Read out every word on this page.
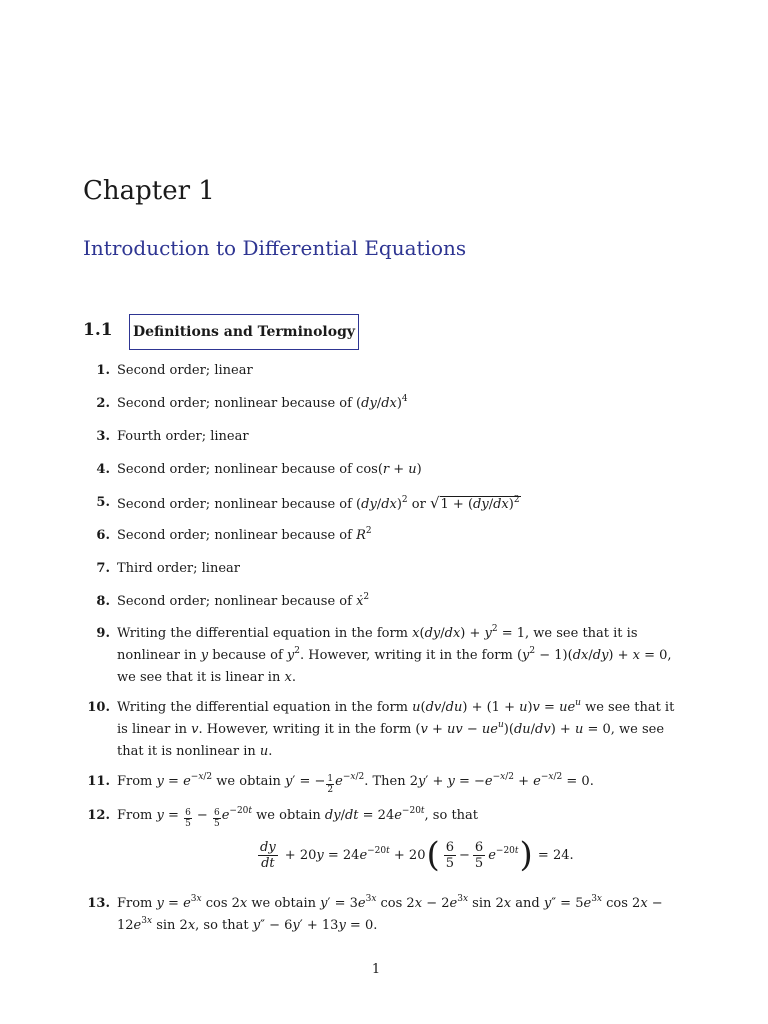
Chapter 1
Introduction to Differential Equations
1.1 Definitions and Terminology
1. Second order; linear
2. Second order; nonlinear because of $(dy/dx)^4$
3. Fourth order; linear
4. Second order; nonlinear because of cos(r + u)
5. Second order; nonlinear because of $(dy/dx)^2$ or $√1 + (dy/dx)^2$
6. Second order; nonlinear because of $R^2$
7. Third order; linear
8. Second order; nonlinear because of ẋ$^2$
9. Writing the differential equation in the form $x(dy/dx) + y^2 = 1$, we see that it is nonlinear in y because of $y^2$. However, writing it in the form $(y^2 - 1)(dx/dy) + x = 0$, we see that it is linear in x.
10. Writing the differential equation in the form $u(dv/du) + (1 + u)v = ue^u$ we see that it is linear in v. However, writing it in the form (v + uv − $ue^u)(du/dv) + u = 0$, we see that it is nonlinear in u.
11. From $y = e^{-x/2}$ we obtain y′ = − $\frac{1}{2} e^{-x/2}$. Then $2y' + y = -e^{-x/2} + e^{-x/2} = 0$.
12. From $y = \frac{6}{5} - \frac{6}{5} e^{-20t}$ we obtain $dy/dt = 24e^{-20t}$, so that
$\frac{dy}{dt} + 20y = 24e^{-20t} + 20$ ( $\frac{6}{5} - \frac{6}{5} e^{-20t}$ ) = 24.
13. From $y = e^{3x}$ cos 2x we obtain $y' = 3e^{3x}$ $\cos 2x - 2e^{3x}$ sin 2x and $y'' = 5e^{3x}$ $\cos 2x - 12e^{3x}$ sin 2x, so that y″ − 6y′ + 13y = 0.
1
